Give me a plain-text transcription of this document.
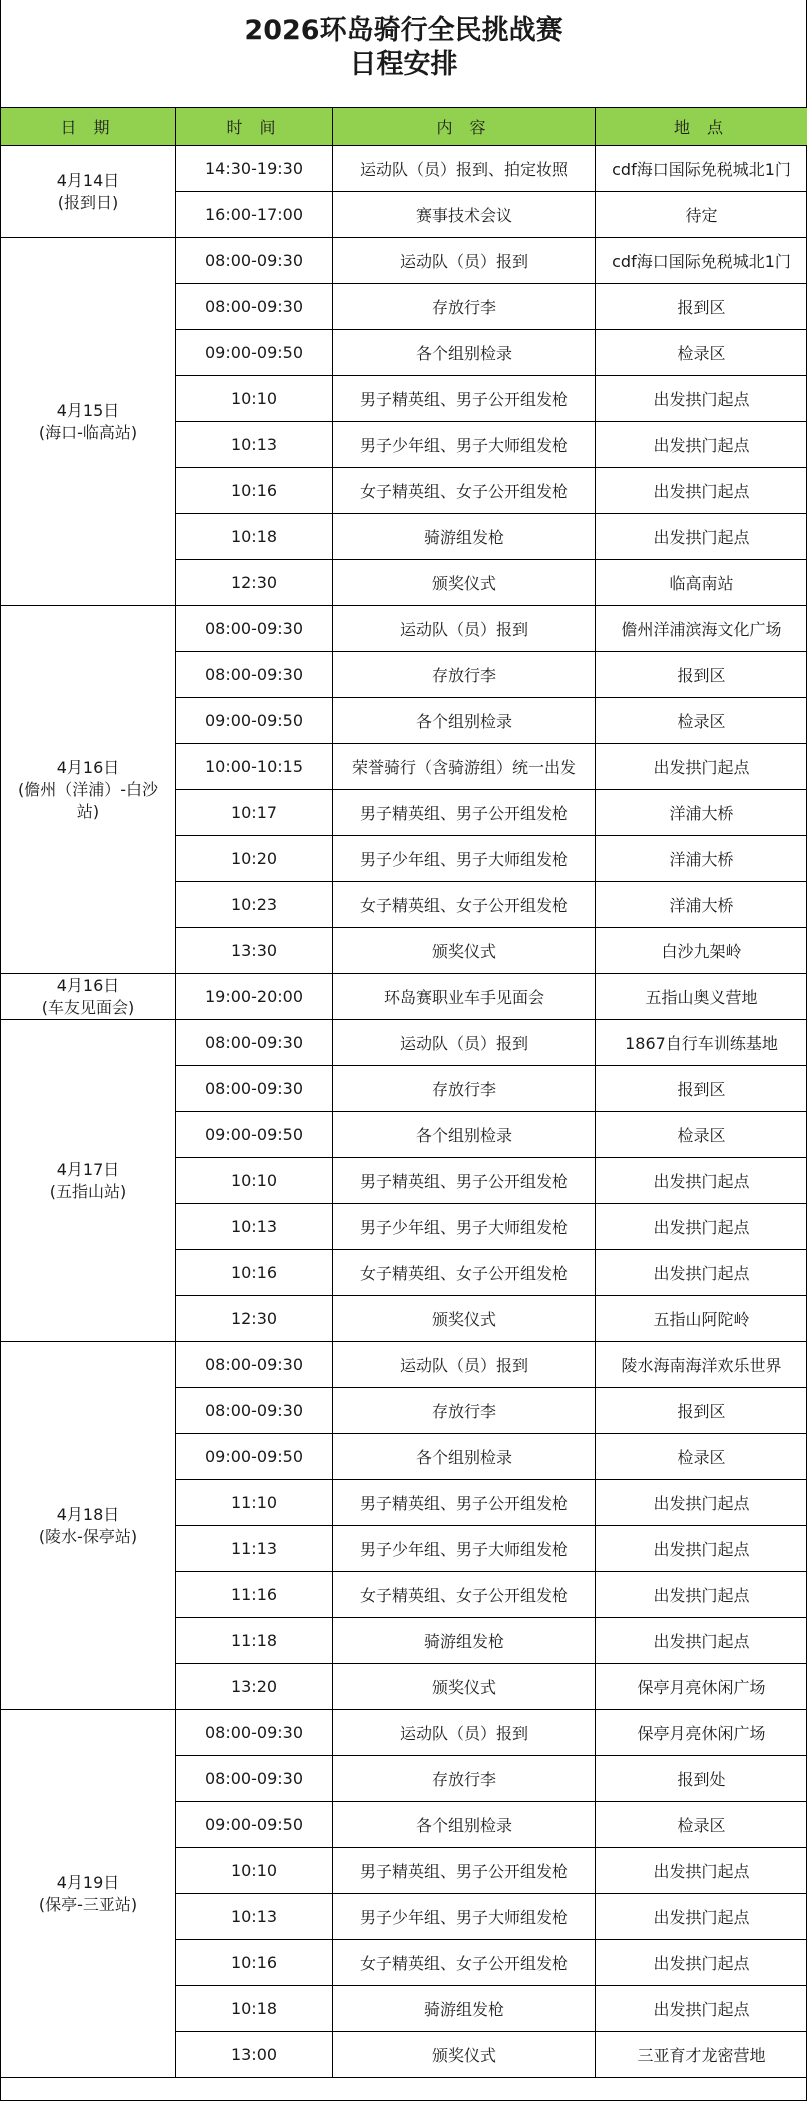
2026环岛骑行全民挑战赛
日程安排
日 期	时 间	内 容	地 点

4月14日
(报到日)	14:30-19:30	运动队（员）报到、拍定妆照	cdf海口国际免税城北1门
	16:00-17:00	赛事技术会议	待定

4月15日
(海口-临高站)	08:00-09:30	运动队（员）报到	cdf海口国际免税城北1门
	08:00-09:30	存放行李	报到区
	09:00-09:50	各个组别检录	检录区
	10:10	男子精英组、男子公开组发枪	出发拱门起点
	10:13	男子少年组、男子大师组发枪	出发拱门起点
	10:16	女子精英组、女子公开组发枪	出发拱门起点
	10:18	骑游组发枪	出发拱门起点
	12:30	颁奖仪式	临高南站

4月16日
(儋州（洋浦）-白沙
站)	08:00-09:30	运动队（员）报到	儋州洋浦滨海文化广场
	08:00-09:30	存放行李	报到区
	09:00-09:50	各个组别检录	检录区
	10:00-10:15	荣誉骑行（含骑游组）统一出发	出发拱门起点
	10:17	男子精英组、男子公开组发枪	洋浦大桥
	10:20	男子少年组、男子大师组发枪	洋浦大桥
	10:23	女子精英组、女子公开组发枪	洋浦大桥
	13:30	颁奖仪式	白沙九架岭

4月16日
(车友见面会)	19:00-20:00	环岛赛职业车手见面会	五指山奥义营地

4月17日
(五指山站)	08:00-09:30	运动队（员）报到	1867自行车训练基地
	08:00-09:30	存放行李	报到区
	09:00-09:50	各个组别检录	检录区
	10:10	男子精英组、男子公开组发枪	出发拱门起点
	10:13	男子少年组、男子大师组发枪	出发拱门起点
	10:16	女子精英组、女子公开组发枪	出发拱门起点
	12:30	颁奖仪式	五指山阿陀岭

4月18日
(陵水-保亭站)	08:00-09:30	运动队（员）报到	陵水海南海洋欢乐世界
	08:00-09:30	存放行李	报到区
	09:00-09:50	各个组别检录	检录区
	11:10	男子精英组、男子公开组发枪	出发拱门起点
	11:13	男子少年组、男子大师组发枪	出发拱门起点
	11:16	女子精英组、女子公开组发枪	出发拱门起点
	11:18	骑游组发枪	出发拱门起点
	13:20	颁奖仪式	保亭月亮休闲广场

4月19日
(保亭-三亚站)	08:00-09:30	运动队（员）报到	保亭月亮休闲广场
	08:00-09:30	存放行李	报到处
	09:00-09:50	各个组别检录	检录区
	10:10	男子精英组、男子公开组发枪	出发拱门起点
	10:13	男子少年组、男子大师组发枪	出发拱门起点
	10:16	女子精英组、女子公开组发枪	出发拱门起点
	10:18	骑游组发枪	出发拱门起点
	13:00	颁奖仪式	三亚育才龙密营地
